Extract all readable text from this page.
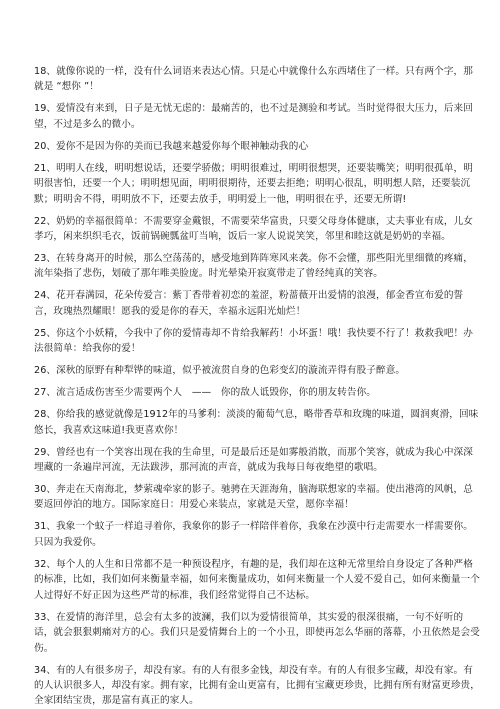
18、就像你说的一样，没有什么词语来表达心情。只是心中就像什么东西堵住了一样。只有两个字，那就是 “想你 ”！

19、爱情没有来到，日子是无忧无虑的：最痛苦的，也不过是测验和考试。当时觉得很大压力，后来回望，不过是多么的微小。

20、爱你不是因为你的美而已我越来越爱你每个眼神触动我的心

21、明明人在线，明明想说话，还要学骄傲；明明很难过，明明很想哭，还要装嘴笑；明明很孤单，明明很害怕，还要一个人；明明想见面，明明很期待，还要去拒绝；明明心很乱，明明想人陪，还要装沉默；明明舍不得，明明放不下，还要去放手，明明爱上一他，明明很在乎，还要无所谓!

22、奶奶的幸福很简单：不需要穿金戴银，不需要荣华富贵，只要父母身体健康，丈夫事业有成，儿女孝巧，闲来织织毛衣，饭前锅碗瓢盆叮当响，饭后一家人说说笑笑，邻里和睦这就是奶奶的幸福。

23、在转身离开的时候，那么空荡荡的，感受地到阵阵寒风来袭。你不会懂，那些阳光里细微的疼痛，流年染指了悲伤，划破了那年唯美脸庞。时光晕染开寂寞带走了曾经纯真的笑容。

24、花开春满园，花朵传爱言：紫丁香带着初恋的羞涩，粉蔷薇开出爱情的浪漫，郁金香宣布爱的誓言，玫瑰热烈耀眼！愿我的爱是你的春天，幸福永远阳光灿烂！

25、你这个小妖精，今我中了你的爱情毒却不肯给我解药！小坏蛋！哦！我快要不行了！救救我吧！办法很简单：给我你的爱！

26、深秋的原野有种犁铧的味道，似乎被流贯自身的色彩变幻的漩流弄得有股子醉意。

27、流言适成伤害至少需要两个人　——　你的敌人诋毁你，你的朋友转告你。

28、你给我的感觉就像是1912年的马爹利：淡淡的葡萄气息，略带香草和玫瑰的味道，圆润爽滑，回味悠长，我喜欢这味道!我更喜欢你！

29、曾经也有一个笑容出现在我的生命里，可是最后还是如雾般消散，而那个笑容，就成为我心中深深埋藏的一条遍岸河流，无法跋涉，那河流的声音，就成为我每日每夜绝望的歌唱。

30、奔走在天南海北，梦萦魂牵家的影子。驰骋在天涯海角，脑海联想家的幸福。使出港湾的风帆，总要返回停泊的地方。国际家庭日：用爱心来装点，家就是天堂，愿你幸福！

31、我象一个蚊子一样追寻着你，我象你的影子一样陪伴着你，我象在沙漠中行走需要水一样需要你。只因为我爱你。

32、每个人的人生和日常都不是一种预设程序，有趣的是，我们却在这种无常里给自身设定了各种严格的标准，比如，我们如何来衡量幸福，如何来衡量成功，如何来衡量一个人爱不爱自己，如何来衡量一个人过得好不好正因为这些严苛的标准，我们经常觉得自己不达标。

33、在爱情的海洋里，总会有太多的波澜，我们以为爱情很简单，其实爱的很深很痛，一句不好听的话，就会狠狠刺痛对方的心。我们只是爱情舞台上的一个小丑，即使再怎么华丽的落幕，小丑依然是会受伤。

34、有的人有很多房子，却没有家。有的人有很多金钱，却没有幸。有的人有很多宝藏，却没有家。有的人认识很多人，却没有家。拥有家，比拥有金山更富有，比拥有宝藏更珍贵，比拥有所有财富更珍贵，全家团结宝贵，那是富有真正的家人。
